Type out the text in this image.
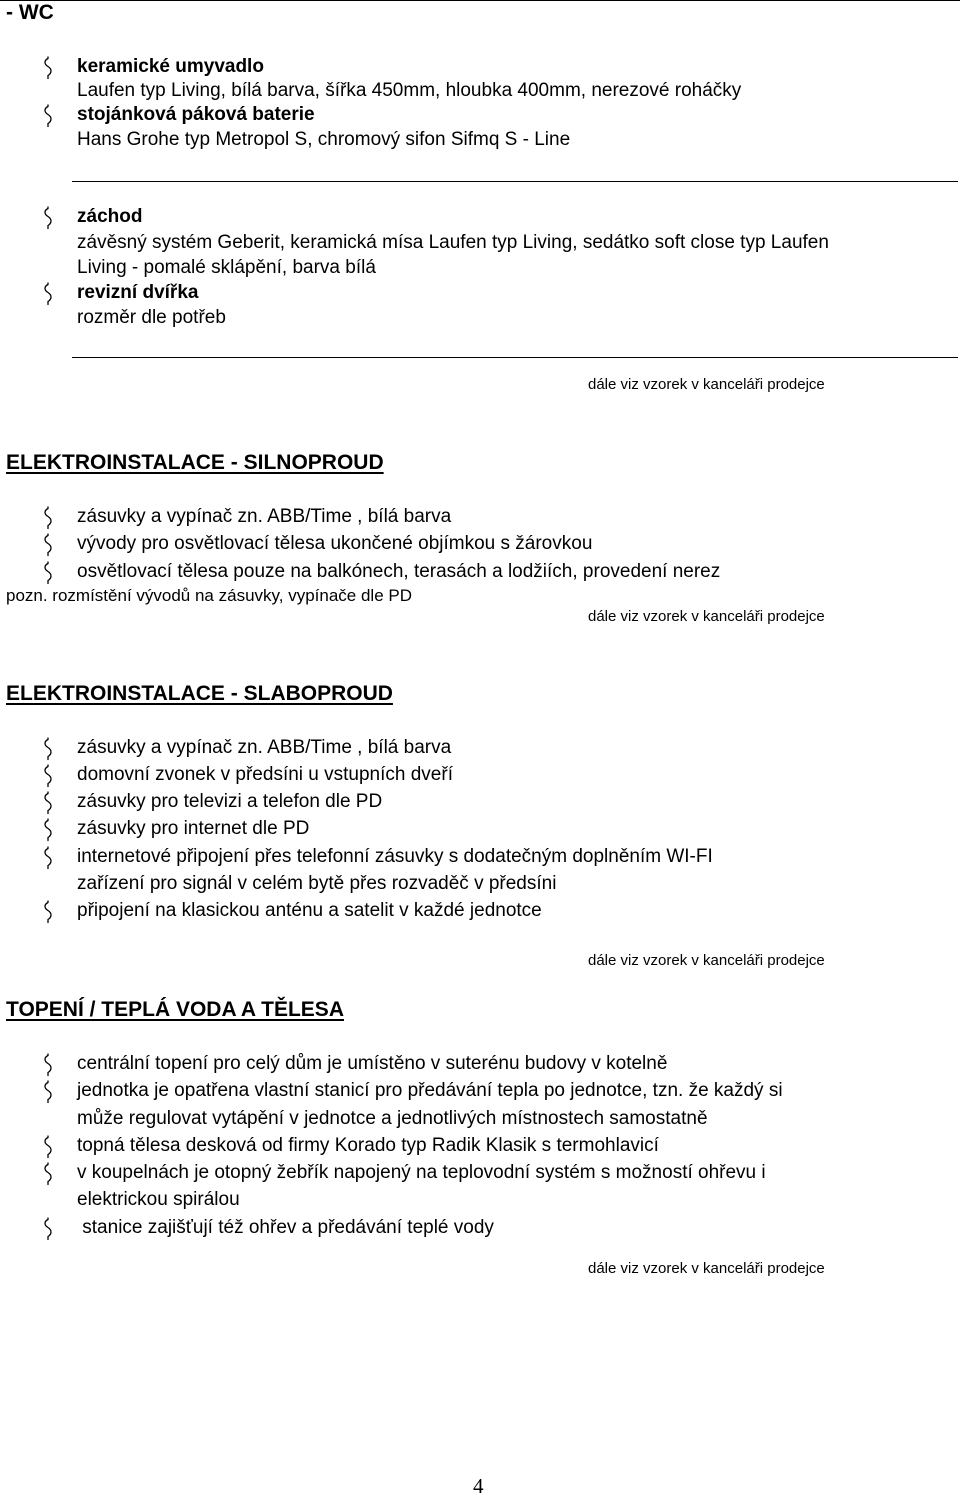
- WC
keramické umyvadlo
Laufen typ Living, bílá barva, šířka 450mm, hloubka 400mm, nerezové roháčky
stojánková páková baterie
Hans Grohe typ Metropol S, chromový sifon Sifmq S - Line
záchod
závěsný systém Geberit, keramická mísa Laufen typ Living, sedátko soft close typ Laufen
Living - pomalé sklápění, barva bílá
revizní dvířka
rozměr dle potřeb
dále viz vzorek v kanceláři prodejce
ELEKTROINSTALACE - SILNOPROUD
zásuvky a vypínač zn. ABB/Time , bílá barva
vývody pro osvětlovací tělesa ukončené objímkou s žárovkou
osvětlovací tělesa pouze na balkónech, terasách a lodžiích, provedení nerez
pozn. rozmístění vývodů na zásuvky, vypínače dle PD
dále viz vzorek v kanceláři prodejce
ELEKTROINSTALACE - SLABOPROUD
zásuvky a vypínač zn. ABB/Time , bílá barva
domovní zvonek v předsíni u vstupních dveří
zásuvky pro televizi a telefon dle PD
zásuvky pro internet dle PD
internetové připojení přes telefonní zásuvky s dodatečným doplněním WI-FI
zařízení pro signál v celém bytě přes rozvaděč v předsíni
připojení na klasickou anténu a satelit v každé jednotce
dále viz vzorek v kanceláři prodejce
TOPENÍ / TEPLÁ VODA A TĚLESA
centrální topení pro celý dům je umístěno v suterénu budovy v kotelně
jednotka je opatřena vlastní stanicí pro předávání tepla po jednotce, tzn. že každý si
může regulovat vytápění v jednotce a jednotlivých místnostech samostatně
topná tělesa desková od firmy Korado typ Radik Klasik s termohlavicí
v koupelnách je otopný žebřík napojený na teplovodní systém s možností ohřevu i
elektrickou spirálou
stanice zajišťují též ohřev a předávání teplé vody
dále viz vzorek v kanceláři prodejce
4
